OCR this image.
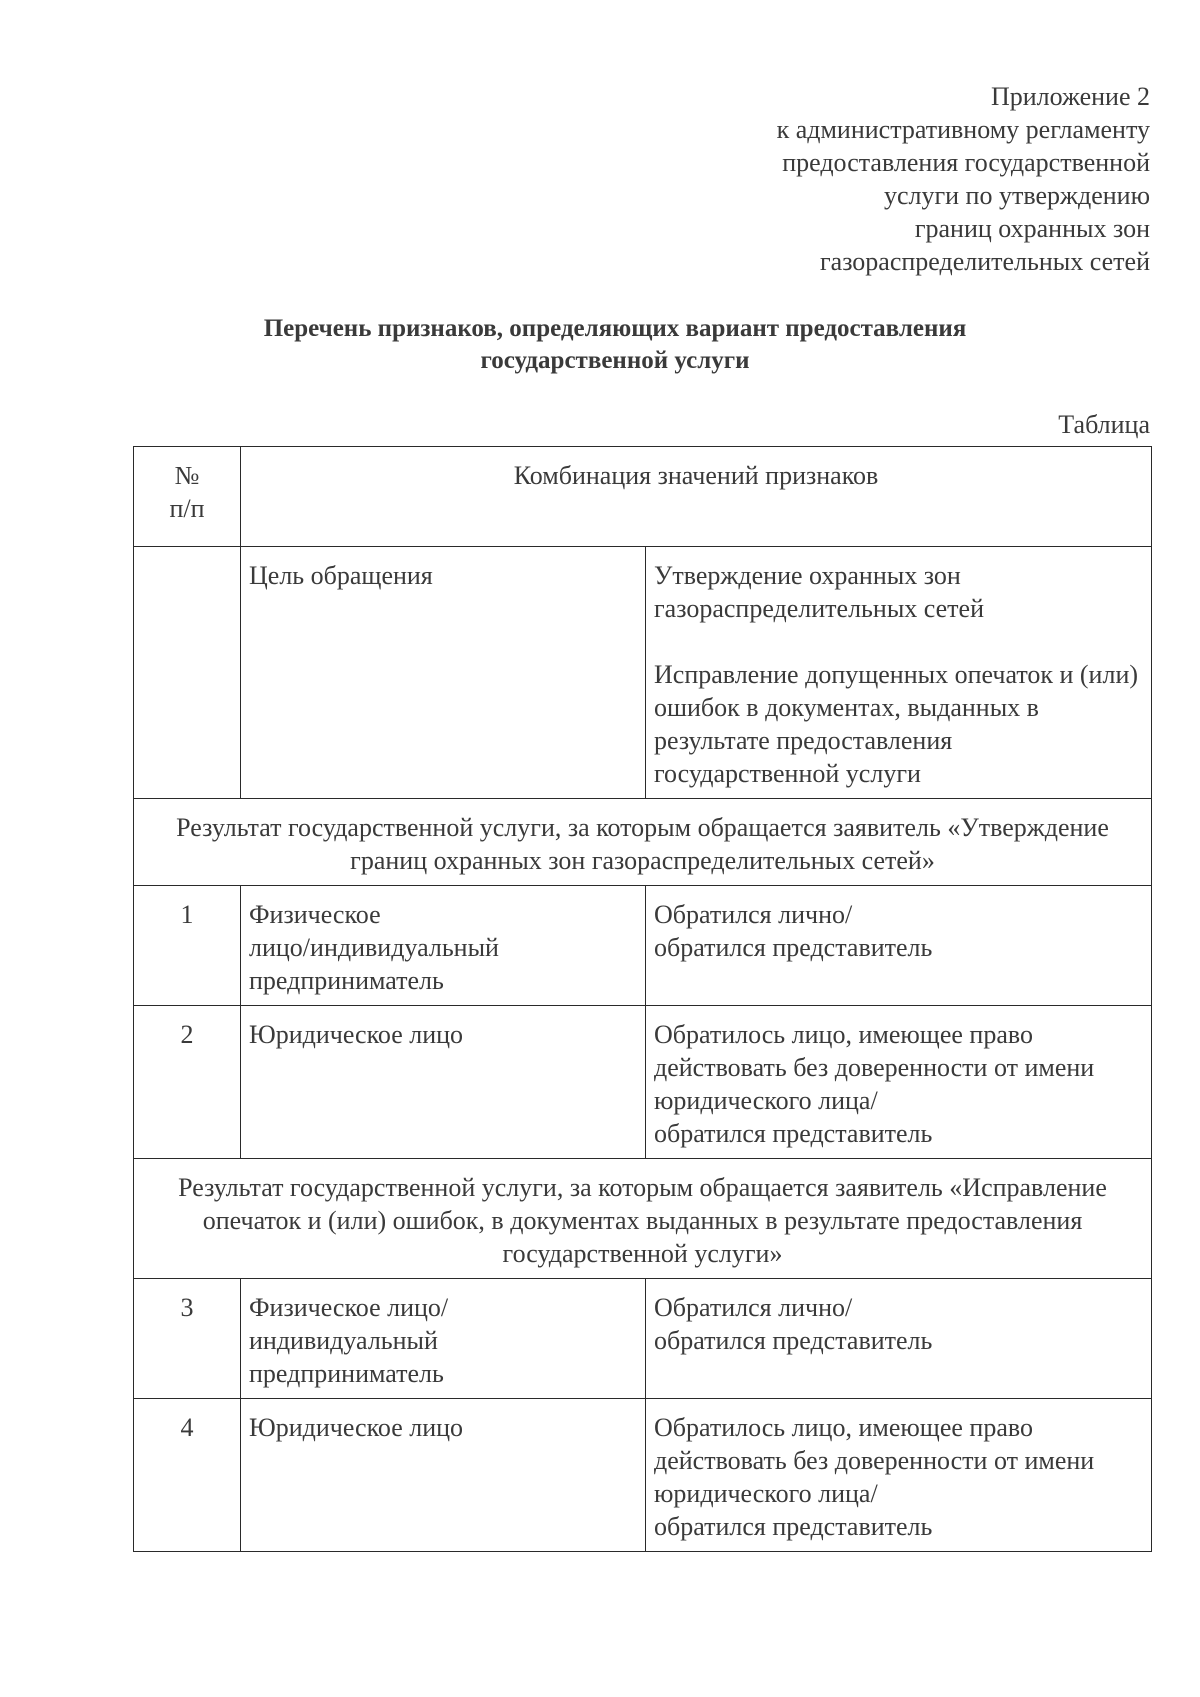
Приложение 2
к административному регламенту
предоставления государственной
услуги по утверждению
границ охранных зон
газораспределительных сетей
Перечень признаков, определяющих вариант предоставления
государственной услуги
Таблица
№
п/п	Комбинация значений признаков	
	Цель обращения	Утверждение охранных зон газораспределительных сетей

Исправление допущенных опечаток и (или) ошибок в документах, выданных в результате предоставления государственной услуги

Результат государственной услуги, за которым обращается заявитель «Утверждение границ охранных зон газораспределительных сетей»		
1	Физическое
лицо/индивидуальный
предприниматель	Обратился лично/
обратился представитель
2	Юридическое лицо	Обратилось лицо, имеющее право
действовать без доверенности от имени
юридического лица/
обратился представитель
Результат государственной услуги, за которым обращается заявитель «Исправление опечаток и (или) ошибок, в документах выданных в результате предоставления государственной услуги»		
3	Физическое лицо/
индивидуальный
предприниматель	Обратился лично/
обратился представитель
4	Юридическое лицо	Обратилось лицо, имеющее право
действовать без доверенности от имени
юридического лица/
обратился представитель
